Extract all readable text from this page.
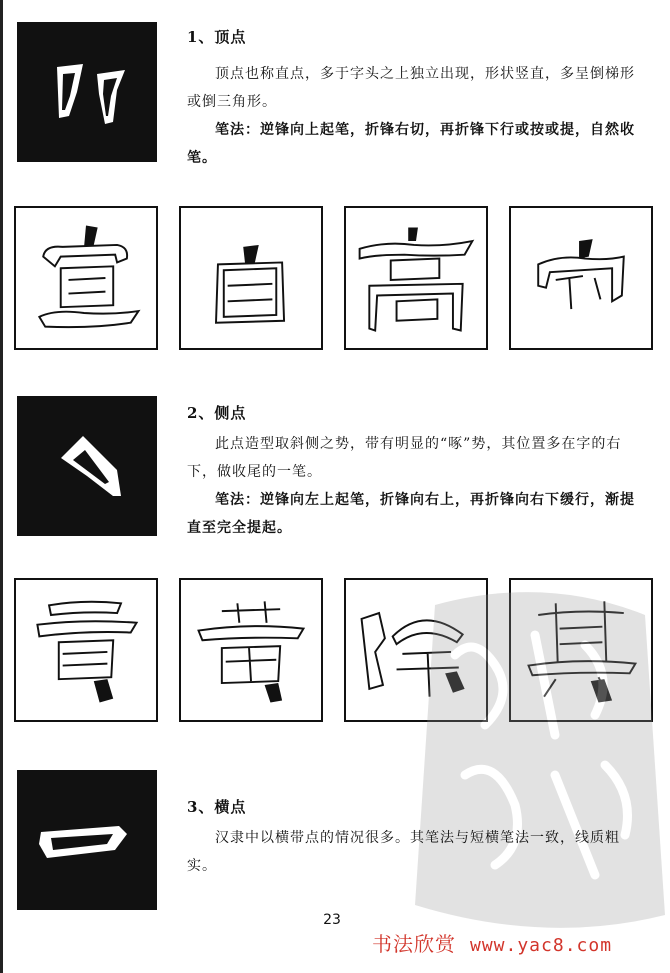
1、顶点

顶点也称直点，多于字头之上独立出现，形状竖直，多呈倒梯形或倒三角形。

笔法：逆锋向上起笔，折锋右切，再折锋下行或按或提，自然收笔。

2、侧点

此点造型取斜侧之势，带有明显的“啄”势，其位置多在字的右下，做收尾的一笔。

笔法：逆锋向左上起笔，折锋向右上，再折锋向右下缓行，渐提直至完全提起。

3、横点

汉隶中以横带点的情况很多。其笔法与短横笔法一致，线质粗实。

23
书法欣赏 www.yac8.com
